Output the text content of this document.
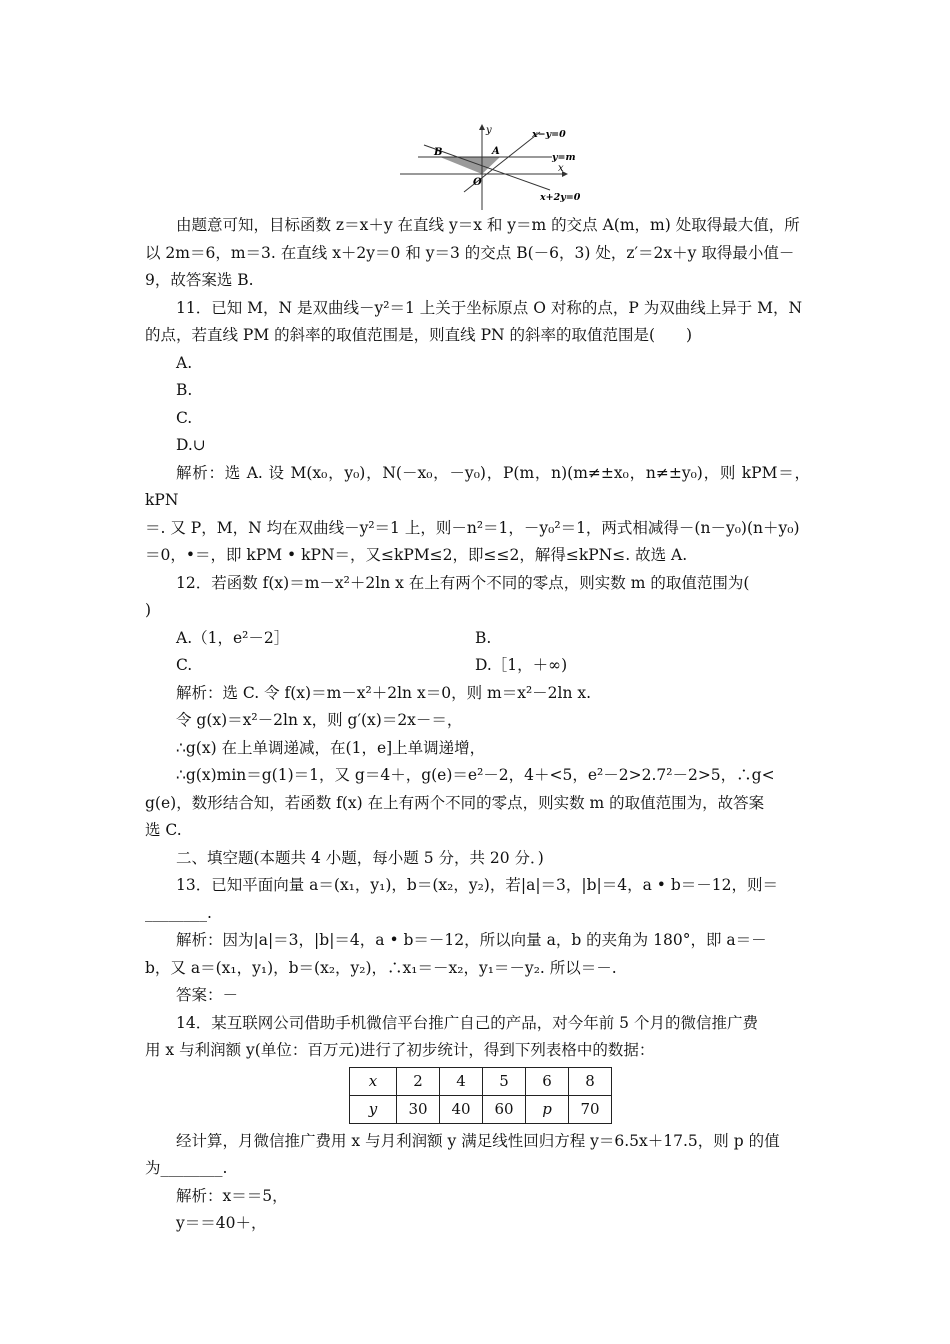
y
x
O
A
B
x−y=0
y=m
x+2y=0

由题意可知，目标函数 z＝x＋y 在直线 y＝x 和 y＝m 的交点 A(m，m) 处取得最大值，所

以 2m＝6，m＝3. 在直线 x＋2y＝0 和 y＝3 的交点 B(－6，3) 处，z′＝2x＋y 取得最小值－

9，故答案选 B.

11．已知 M，N 是双曲线－y²＝1 上关于坐标原点 O 对称的点，P 为双曲线上异于 M，N

的点，若直线 PM 的斜率的取值范围是，则直线 PN 的斜率的取值范围是(　　)

A.

B.

C.

D.∪

解析：选 A. 设 M(x₀，y₀)，N(－x₀，－y₀)，P(m，n)(m≠±x₀，n≠±y₀)，则 kPM＝，kPN

＝. 又 P，M，N 均在双曲线－y²＝1 上，则－n²＝1，－y₀²＝1，两式相减得－(n－y₀)(n＋y₀)

＝0，•＝，即 kPM • kPN＝，又≤kPM≤2，即≤≤2，解得≤kPN≤. 故选 A.

12．若函数 f(x)＝m－x²＋2ln x 在上有两个不同的零点，则实数 m 的取值范围为(

)

A.（1，e²－2］	B.

C.	D.［1，＋∞)

解析：选 C. 令 f(x)＝m－x²＋2ln x＝0，则 m＝x²－2ln x.

令 g(x)＝x²－2ln x，则 g′(x)＝2x－＝，

∴g(x) 在上单调递减，在(1，e]上单调递增，

∴g(x)min＝g(1)＝1，又 g＝4＋，g(e)＝e²－2，4＋<5，e²－2>2.7²－2>5，∴g<

g(e)，数形结合知，若函数 f(x) 在上有两个不同的零点，则实数 m 的取值范围为，故答案

选 C.

二、填空题(本题共 4 小题，每小题 5 分，共 20 分．)

13．已知平面向量 a＝(x₁，y₁)，b＝(x₂，y₂)，若|a|＝3，|b|＝4，a • b＝－12，则＝

________.

解析：因为|a|＝3，|b|＝4，a • b＝－12，所以向量 a，b 的夹角为 180°，即 a＝－

b，又 a＝(x₁，y₁)，b＝(x₂，y₂)，∴x₁＝－x₂，y₁＝－y₂. 所以＝－.

答案：－

14．某互联网公司借助手机微信平台推广自己的产品，对今年前 5 个月的微信推广费

用 x 与利润额 y(单位：百万元)进行了初步统计，得到下列表格中的数据：

x	2	4	5	6	8
y	30	40	60	p	70

经计算，月微信推广费用 x 与月利润额 y 满足线性回归方程 y＝6.5x＋17.5，则 p 的值

为________.

解析：x＝＝5，

y＝＝40＋，
